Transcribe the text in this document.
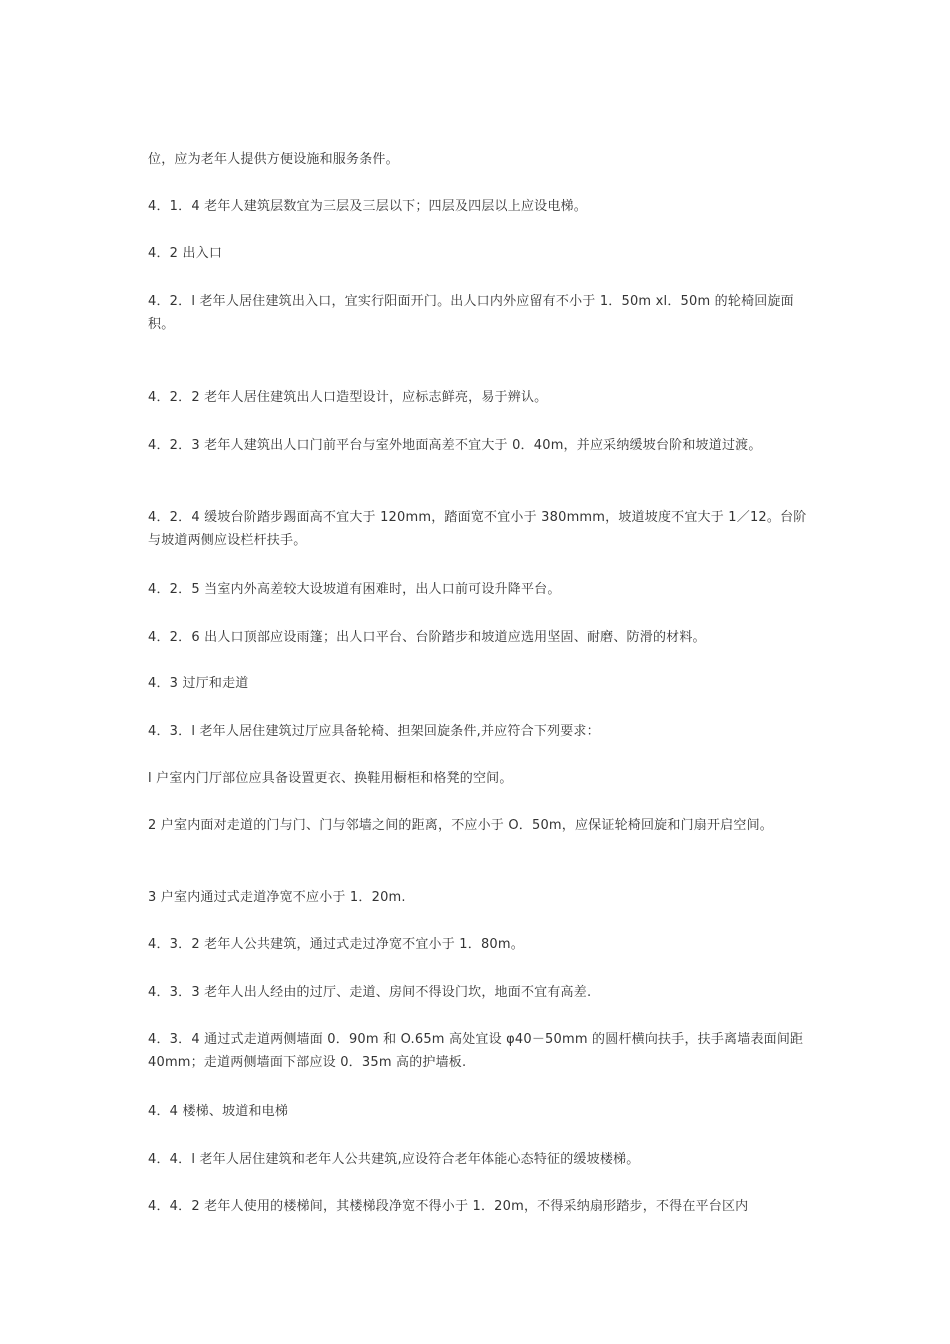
位，应为老年人提供方便设施和服务条件。
4．1．4 老年人建筑层数宜为三层及三层以下；四层及四层以上应设电梯。
4．2 出入口
4．2．l 老年人居住建筑出入口，宜实行阳面开门。出人口内外应留有不小于 1．50m xl．50m 的轮椅回旋面积。
4．2．2 老年人居住建筑出人口造型设计，应标志鲜亮，易于辨认。
4．2．3 老年人建筑出人口门前平台与室外地面高差不宜大于 0．40m，并应采纳缓坡台阶和坡道过渡。
4．2．4 缓坡台阶踏步踢面高不宜大于 120mm，踏面宽不宜小于 380mmm，坡道坡度不宜大于 1／12。台阶与坡道两侧应设栏杆扶手。
4．2．5 当室内外高差较大设坡道有困难时，出人口前可设升降平台。
4．2．6 出人口顶部应设雨篷；出人口平台、台阶踏步和坡道应选用坚固、耐磨、防滑的材料。
4．3 过厅和走道
4．3．l 老年人居住建筑过厅应具备轮椅、担架回旋条件,并应符合下列要求：
l 户室内门厅部位应具备设置更衣、换鞋用橱柜和格凳的空间。
2 户室内面对走道的门与门、门与邻墙之间的距离，不应小于 O．50m，应保证轮椅回旋和门扇开启空间。
3 户室内通过式走道净宽不应小于 1．20m.
4．3．2 老年人公共建筑，通过式走过净宽不宜小于 1．80m。
4．3．3 老年人出人经由的过厅、走道、房间不得设门坎，地面不宜有高差.
4．3．4 通过式走道两侧墙面 0．90m 和 O.65m 高处宜设 φ40－50mm 的圆杆横向扶手，扶手离墙表面间距 40mm；走道两侧墙面下部应设 0．35m 高的护墙板.
4．4 楼梯、坡道和电梯
4．4．l 老年人居住建筑和老年人公共建筑,应设符合老年体能心态特征的缓坡楼梯。
4．4．2 老年人使用的楼梯间，其楼梯段净宽不得小于 1．20m，不得采纳扇形踏步，不得在平台区内
